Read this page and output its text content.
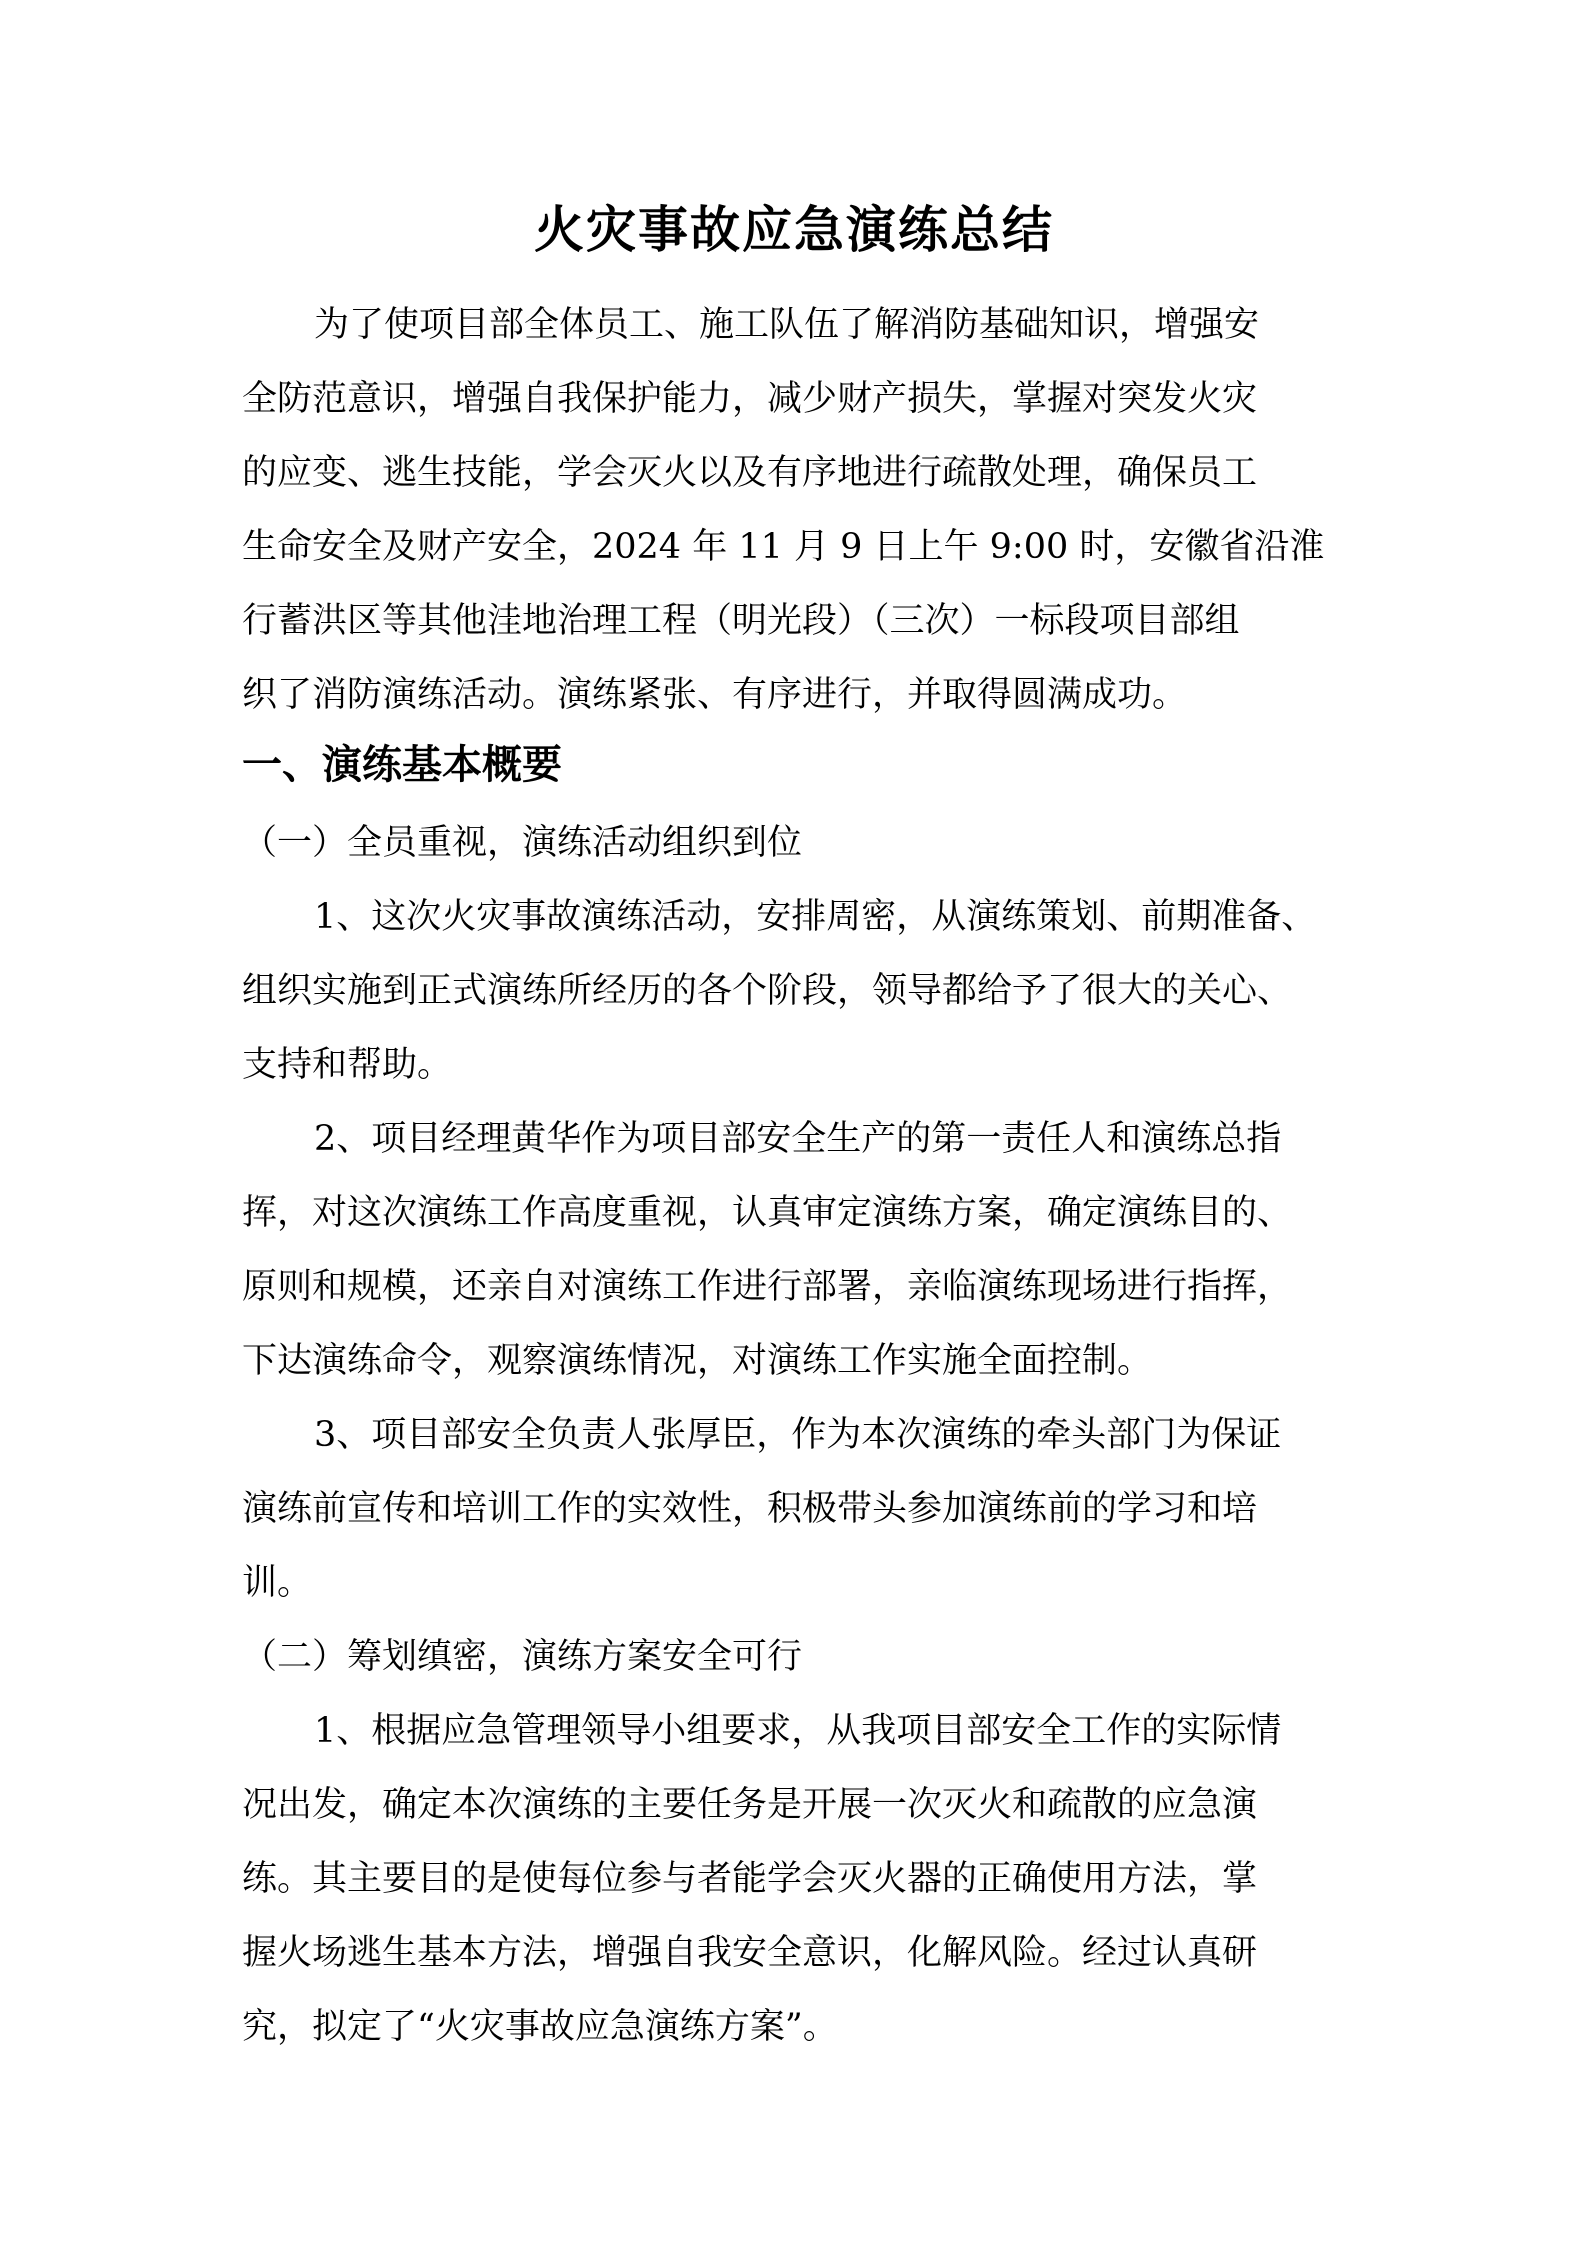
火灾事故应急演练总结
为了使项目部全体员工、施工队伍了解消防基础知识，增强安
全防范意识，增强自我保护能力，减少财产损失，掌握对突发火灾
的应变、逃生技能，学会灭火以及有序地进行疏散处理，确保员工
生命安全及财产安全，2024 年 11 月 9 日上午 9:00 时，安徽省沿淮
行蓄洪区等其他洼地治理工程（明光段）（三次）一标段项目部组
织了消防演练活动。演练紧张、有序进行，并取得圆满成功。
一、演练基本概要
（一）全员重视，演练活动组织到位
1、这次火灾事故演练活动，安排周密，从演练策划、前期准备、
组织实施到正式演练所经历的各个阶段，领导都给予了很大的关心、
支持和帮助。
2、项目经理黄华作为项目部安全生产的第一责任人和演练总指
挥，对这次演练工作高度重视，认真审定演练方案，确定演练目的、
原则和规模，还亲自对演练工作进行部署，亲临演练现场进行指挥，
下达演练命令，观察演练情况，对演练工作实施全面控制。
3、项目部安全负责人张厚臣，作为本次演练的牵头部门为保证
演练前宣传和培训工作的实效性，积极带头参加演练前的学习和培
训。
（二）筹划缜密，演练方案安全可行
1、根据应急管理领导小组要求，从我项目部安全工作的实际情
况出发，确定本次演练的主要任务是开展一次灭火和疏散的应急演
练。其主要目的是使每位参与者能学会灭火器的正确使用方法，掌
握火场逃生基本方法，增强自我安全意识，化解风险。经过认真研
究，拟定了“火灾事故应急演练方案”。
